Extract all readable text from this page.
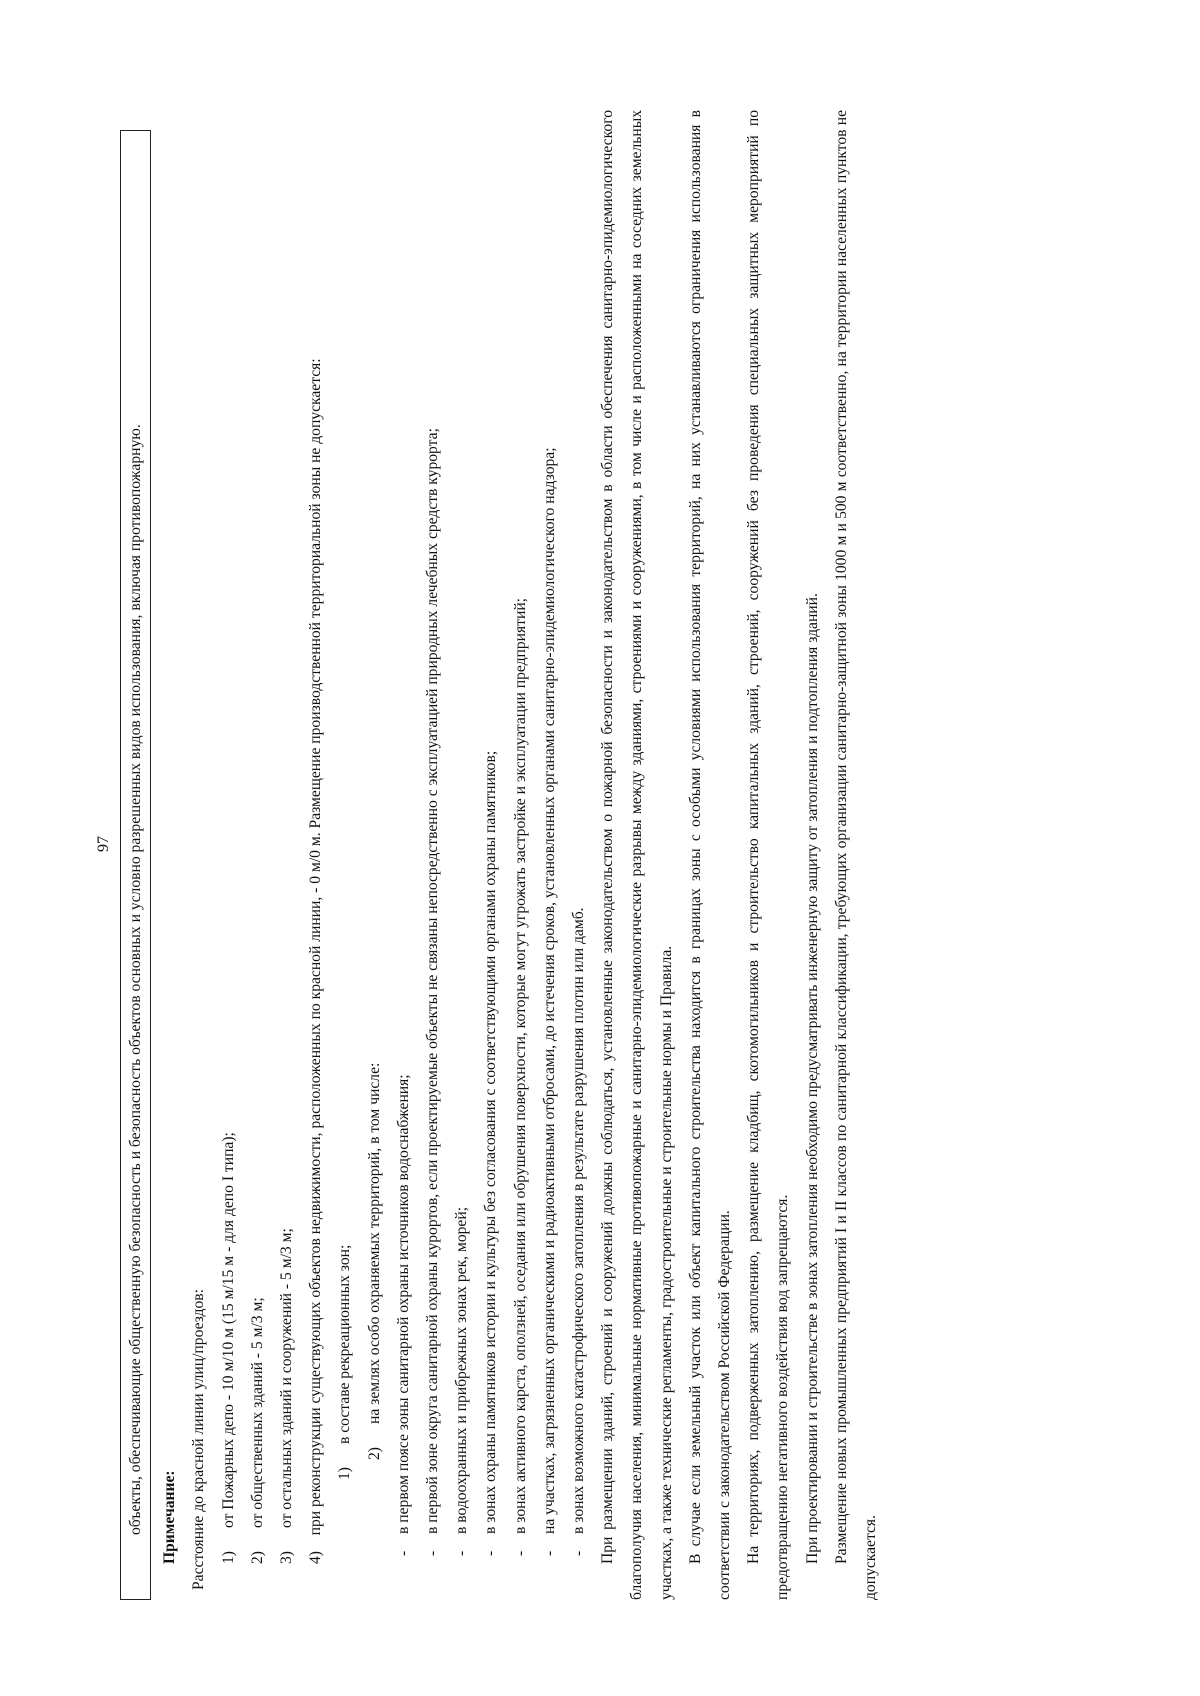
97 объекты, обеспечивающие общественную безопасность и безопасность объектов основных и условно разрешенных видов использования, включая противопожарную.	Примечание: Расстояние до красной линии улиц/проездов: 1)
от Пожарных депо - 10 м/10 м (15 м/15 м - для депо I типа);
2)
от общественных зданий - 5 м/3 м;
3)
от остальных зданий и сооружений - 5 м/3 м;

4)    при реконструкции существующих объектов недвижимости, расположенных по красной линии, - 0 м/0 м. Размещение производственной территориальной зоны не допускается: 1)
в составе рекреационных зон;
2)
на землях особо охраняемых территорий, в том числе:

-в первом поясе зоны санитарной охраны источников водоснабжения;

-в первой зоне округа санитарной охраны курортов, если проектируемые объекты не связаны непосредственно с эксплуатацией природных лечебных средств курорта;

-в водоохранных и прибрежных зонах рек, морей;

-в зонах охраны памятников истории и культуры без согласования с соответствующими органами охраны памятников;

-в зонах активного карста, оползней, оседания или обрушения поверхности, которые могут угрожать застройке и эксплуатации предприятий;

-на участках, загрязненных органическими и радиоактивными отбросами, до истечения сроков, установленных органами санитарно-эпидемиологического надзора;

-в зонах возможного катастрофического затопления в результате разрушения плотин или дамб. При размещении зданий, строений и сооружений должны соблюдаться, установленные законодательством о пожарной безопасности и законодательством в области обеспечения санитарно-эпидемиологического благополучия населения, минимальные нормативные противопожарные и санитарно-эпидемиологические разрывы между зданиями, строениями и сооружениями, в том числе и расположенными на соседних земельных участках, а также технические регламенты, градостроительные и строительные нормы и Правила. В случае если земельный участок или объект капитального строительства находится в границах зоны с особыми условиями использования территорий, на них устанавливаются ограничения использования в соответствии с законодательством Российской Федерации. На территориях, подверженных затоплению, размещение кладбищ, скотомогильников и строительство капитальных зданий, строений, сооружений без проведения специальных защитных мероприятий по предотвращению негативного воздействия вод запрещаются. При проектировании и строительстве в зонах затопления необходимо предусматривать инженерную защиту от затопления и подтопления зданий. Размещение новых промышленных предприятий I и II классов по санитарной классификации, требующих организации санитарно-защитной зоны 1000 м и 500 м соответственно, на территории населенных пунктов не допускается.
